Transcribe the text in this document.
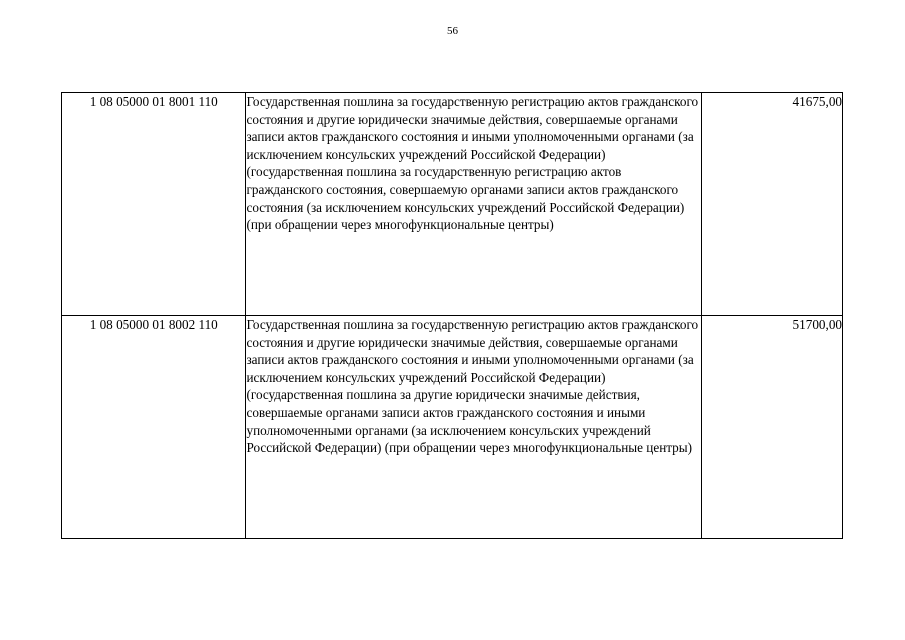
56
1 08 05000 01 8001 110	Государственная пошлина за государственную регистрацию актов гражданского состояния и другие юридически значимые действия, совершаемые органами записи актов гражданского состояния и иными уполномоченными органами (за исключением консульских учреждений Российской Федерации) (государственная пошлина за государственную регистрацию актов гражданского состояния, совершаемую органами записи актов гражданского состояния (за исключением консульских учреждений Российской Федерации) (при обращении через многофункциональные центры)	41675,00
1 08 05000 01 8002 110	Государственная пошлина за государственную регистрацию актов гражданского состояния и другие юридически значимые действия, совершаемые органами записи актов гражданского состояния и иными уполномоченными органами (за исключением консульских учреждений Российской Федерации) (государственная пошлина за другие юридически значимые действия, совершаемые органами записи актов гражданского состояния и иными уполномоченными органами (за исключением консульских учреждений Российской Федерации) (при обращении через многофункциональные центры)	51700,00
